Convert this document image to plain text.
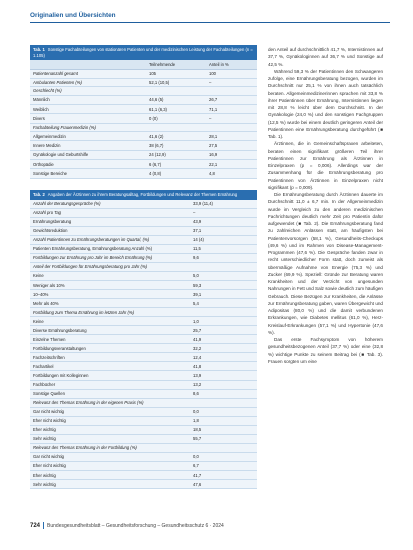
Originalien und Übersichten
Tab. 1 Sonstige Fachabteilungen von stationären Patienten und der medizinischen Leistung der Fachabteilungen (n = 1.105)
Teilnehmende	Anteil in %
Patientenanzahl gesamt	105	100
Ambulanten Patienten (%)	52,1 (10,5)	–
Geschlecht (%)
Männlich	44,6 (5)	26,7
Weiblich	61,1 (6,3)	71,1
Divers	0 (0)	–
Fachabteilung Frauenmedizin (%)
Allgemeinmedizin	41,6 (2)	28,1
Innere Medizin	38 (6,7)	27,5
Gynäkologie und Geburtshilfe	24 (12,9)	16,9
Orthopädie	6 (6,7)	22,1
Sonstige Bereiche	4 (0,8)	4,8
Tab. 2 Angaben der Ärztinnen zu ihrem Beratungsalltag, Fortbildungen und Relevanz der Themen Ernährung
Anzahl der Beratungsgespräche (%)	33,9 (11,4)
Anzahl pro Tag	–
Ernährungsberatung	43,9
Gewichtsreduktion	37,1
Anzahl Patientinnen zu Ernährungsberatungen im Quartal, (%)	14 (4)
Patienten Ernährungsberatung, Ernährungsberatung Anzahl (%)	11,5
Fortbildungen zur Ernährung pro Jahr im Bereich Ernährung (%)	9,6
Anteil der Fortbildungen für Ernährungsberatung pro Jahr (%)
Keine	5,0
Weniger als 10%	59,3
10–40%	39,1
Mehr als 40%	5,4
Fortbildung zum Thema Ernährung im letzten Jahr (%)
Keine	1,0
Diverse Ernährungsberatung	25,7
Einzelne Themen	41,9
Fortbildungsveranstaltungen	32,2
Fachzeitschriften	12,4
Fachartikel	41,8
Fortbildungen mit Kolleginnen	13,9
Fachbücher	13,2
Sonstige Quellen	8,6
Relevanz des Themas Ernährung in der eigenen Praxis (%)
Gar nicht wichtig	0,0
Eher nicht wichtig	1,8
Eher wichtig	18,5
Sehr wichtig	55,7
Relevanz des Themas Ernährung in der Fortbildung (%)
Gar nicht wichtig	0,0
Eher nicht wichtig	6,7
Eher wichtig	41,7
Sehr wichtig	47,6

den Anteil auf durchschnittlich 41,7 %, Internistinnen auf 37,7 %, Gynäkologinnen auf 36,7 % und Sonstige auf 42,5 %.

Während 59,3 % der Patientinnen den Schwangeren zufolge, eine Ernährungsberatung bezogen, wurden im Durchschnitt nur 25,1 % von ihnen auch tatsächlich beraten. Allgemeinmedizinerinnen sprachen mit 33,8 % ihrer Patientinnen über Ernährung, Internistinnen liegen mit 28,8 % leicht über dem Durchschnitt. In der Gynäkologie (24,0 %) und den sonstigen Fachgruppen (12,5 %) wurde bei einem deutlich geringeren Anteil der Patientinnen eine Ernährungsberatung durchgeführt (■ Tab. 1).

Ärztinnen, die in Gemeinschaftspraxen arbeiteten, beraten einen signifikant größeren Teil ihrer Patientinnen zur Ernährung als Ärztinnen in Einzelpraxen (p = 0,006). Allerdings war der Zusammenhang für die Ernährungsberatung pro Patientinnen von Ärztinnen in Einzelpraxen nicht signifikant (p = 0,009).

Die Ernährungsberatung durch Ärztinnen dauerte im Durchschnitt 11,0 ± 6,7 min. In der Allgemeinmedizin wurde im Vergleich zu den anderen medizinischen Fachrichtungen deutlich mehr Zeit pro Patientin dafür aufgewendet (■ Tab. 2). Die Ernährungsberatung fand zu zahlreichen Anlässen statt, am häufigsten bei Patientenvorsorgen (58,1 %), Gesundheits-Checkups (49,6 %) und im Rahmen von Disease-Management-Programmen (47,6 %). Die Gespräche fanden zwar in recht unterschiedlicher Form statt, doch zumeist als übermäßige Aufnahme von Energie (75,3 %) und Zucker (69,9 %). Speziell: Gründe zur Beratung waren Krankheiten und der Verzicht von ungesunden Nahrungen in Fett und Salz sowie deutlich zum häufigen Gebrauch. Diese Bezügen zur Krankheiten, die Anlässe zur Ernährungsberatung gaben, waren Übergewicht und Adipositas (80,0 %) und die damit verbundenen Erkrankungen, wie Diabetes mellitus (61,0 %), Herz-Kreislauf-Erkrankungen (57,1 %) und Hypertonie (47,6 %).

Das erste Fachsymptom von höherem gesundheitsbezogenen Anteil (37,7 %) oder eine (32,8 %) wichtige Punkte zu seinem Beitrag bei (■ Tab. 3). Frauen sorgten um eine

724 Bundesgesundheitsblatt – Gesundheitsforschung – Gesundheitsschutz 6 · 2024
